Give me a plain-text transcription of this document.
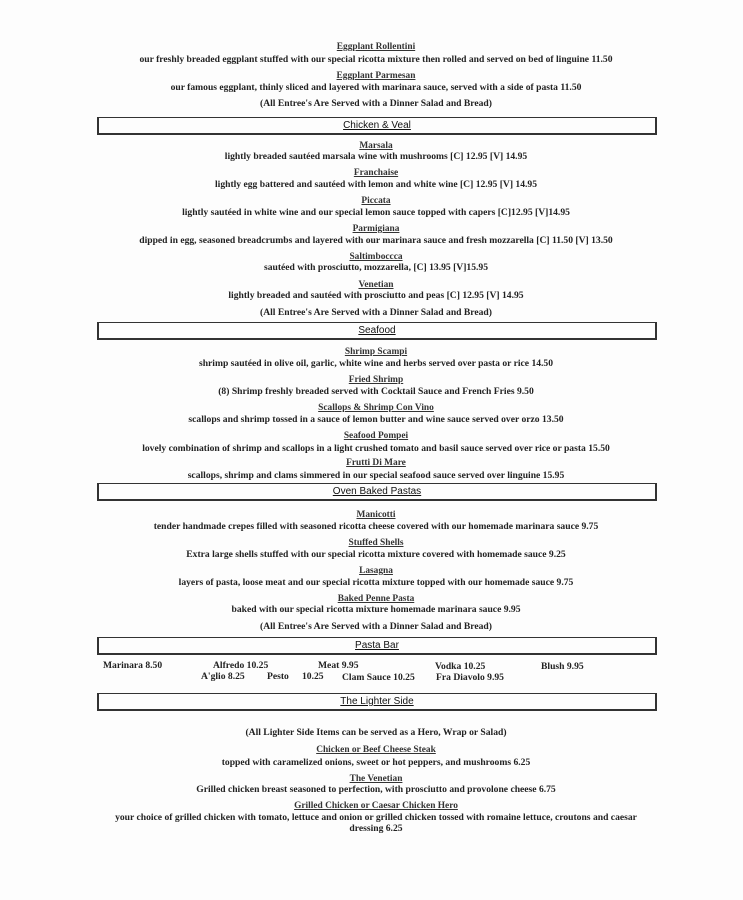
Eggplant Rollentini
our freshly breaded eggplant stuffed with our special ricotta mixture then rolled and served on bed of linguine 11.50
Eggplant Parmesan
our famous eggplant, thinly sliced and layered with marinara sauce, served with a side of pasta 11.50
(All Entree's Are Served with a Dinner Salad and Bread)
Chicken & Veal
Marsala
lightly breaded sautéed marsala wine with mushrooms [C] 12.95 [V] 14.95
Franchaise
lightly egg battered and sautéed with lemon and white wine [C] 12.95 [V] 14.95
Piccata
lightly sautéed in white wine and our special lemon sauce topped with capers [C]12.95 [V]14.95
Parmigiana
dipped in egg, seasoned breadcrumbs and layered with our marinara sauce and fresh mozzarella [C] 11.50 [V] 13.50
Saltimboccca
sautéed with prosciutto, mozzarella, [C] 13.95 [V]15.95
Venetian
lightly breaded and sautéed with prosciutto and peas [C] 12.95 [V] 14.95
(All Entree's Are Served with a Dinner Salad and Bread)
Seafood
Shrimp Scampi
shrimp sautéed in olive oil, garlic, white wine and herbs served over pasta or rice 14.50
Fried Shrimp
(8) Shrimp freshly breaded served with Cocktail Sauce and French Fries 9.50
Scallops & Shrimp Con Vino
scallops and shrimp tossed in a sauce of lemon butter and wine sauce served over orzo 13.50
Seafood Pompei
lovely combination of shrimp and scallops in a light crushed tomato and basil sauce served over rice or pasta 15.50
Frutti Di Mare
scallops, shrimp and clams simmered in our special seafood sauce served over linguine 15.95
Oven Baked Pastas
Manicotti
tender handmade crepes filled with seasoned ricotta cheese covered with our homemade marinara sauce 9.75
Stuffed Shells
Extra large shells stuffed with our special ricotta mixture covered with homemade sauce 9.25
Lasagna
layers of pasta, loose meat and our special ricotta mixture topped with our homemade sauce 9.75
Baked Penne Pasta
baked with our special ricotta mixture homemade marinara sauce 9.95
(All Entree's Are Served with a Dinner Salad and Bread)
Pasta Bar
Marinara 8.50	Alfredo 10.25	Meat 9.95	Vodka 10.25	Blush 9.95
A'glio 8.25 Pesto 10.25 Clam Sauce 10.25 Fra Diavolo 9.95
The Lighter Side
(All Lighter Side Items can be served as a Hero, Wrap or Salad)
Chicken or Beef Cheese Steak
topped with caramelized onions, sweet or hot peppers, and mushrooms 6.25
The Venetian
Grilled chicken breast seasoned to perfection, with prosciutto and provolone cheese 6.75
Grilled Chicken or Caesar Chicken Hero
your choice of grilled chicken with tomato, lettuce and onion or grilled chicken tossed with romaine lettuce, croutons and caesar
dressing 6.25
